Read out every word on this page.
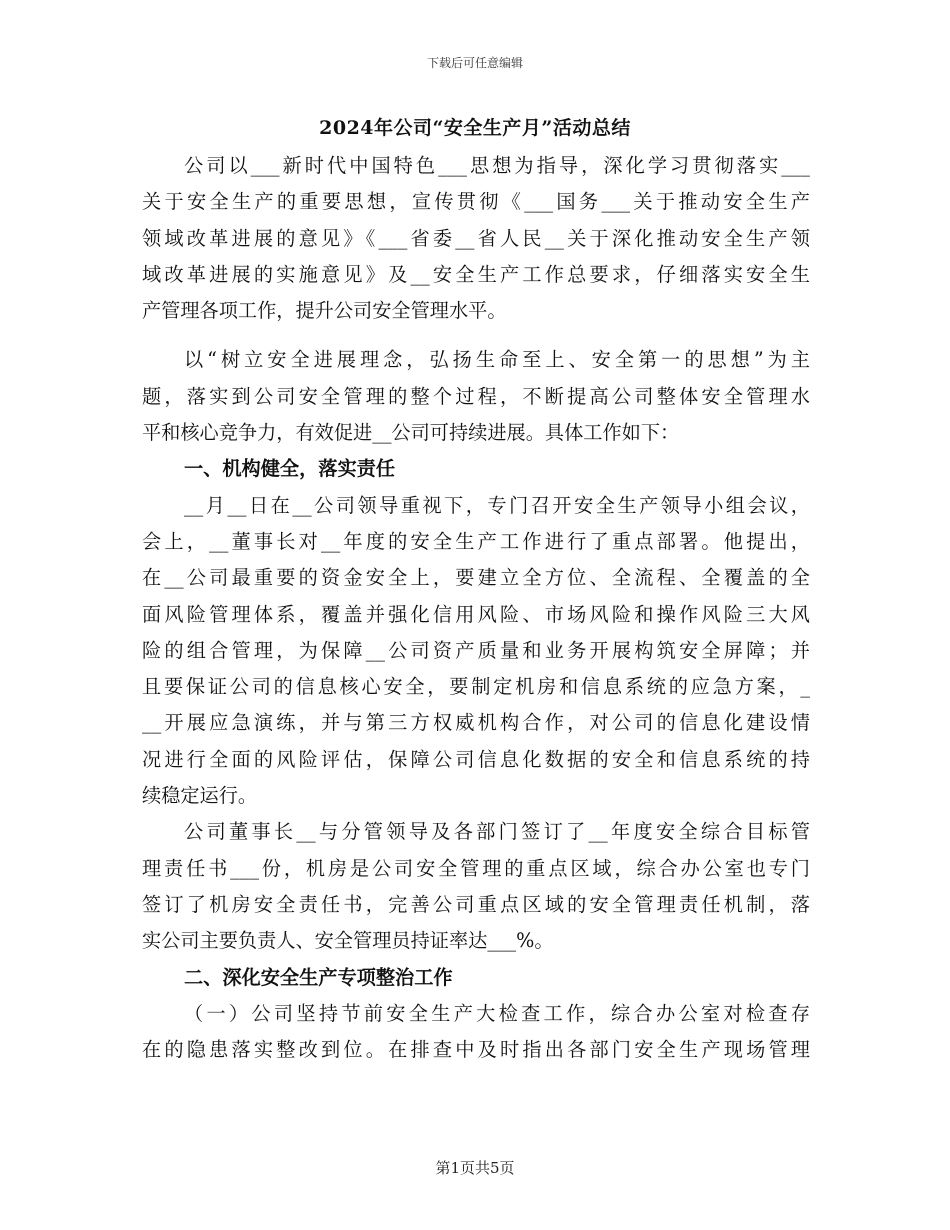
下载后可任意编辑
2024年公司“安全生产月”活动总结
公司以___新时代中国特色___思想为指导，深化学习贯彻落实___
关于安全生产的重要思想，宣传贯彻《___国务___关于推动安全生产
领域改革进展的意见》《___省委__省人民__关于深化推动安全生产领
域改革进展的实施意见》及__安全生产工作总要求，仔细落实安全生
产管理各项工作，提升公司安全管理水平。
以“树立安全进展理念，弘扬生命至上、安全第一的思想”为主
题，落实到公司安全管理的整个过程，不断提高公司整体安全管理水
平和核心竞争力，有效促进__公司可持续进展。具体工作如下：
一、机构健全，落实责任
__月__日在__公司领导重视下，专门召开安全生产领导小组会议，
会上，__董事长对__年度的安全生产工作进行了重点部署。他提出，
在__公司最重要的资金安全上，要建立全方位、全流程、全覆盖的全
面风险管理体系，覆盖并强化信用风险、市场风险和操作风险三大风
险的组合管理，为保障__公司资产质量和业务开展构筑安全屏障；并
且要保证公司的信息核心安全，要制定机房和信息系统的应急方案，_
__开展应急演练，并与第三方权威机构合作，对公司的信息化建设情
况进行全面的风险评估，保障公司信息化数据的安全和信息系统的持
续稳定运行。
公司董事长__与分管领导及各部门签订了__年度安全综合目标管
理责任书___份，机房是公司安全管理的重点区域，综合办公室也专门
签订了机房安全责任书，完善公司重点区域的安全管理责任机制，落
实公司主要负责人、安全管理员持证率达___%。
二、深化安全生产专项整治工作
（一）公司坚持节前安全生产大检查工作，综合办公室对检查存
在的隐患落实整改到位。在排查中及时指出各部门安全生产现场管理
第1页共5页
